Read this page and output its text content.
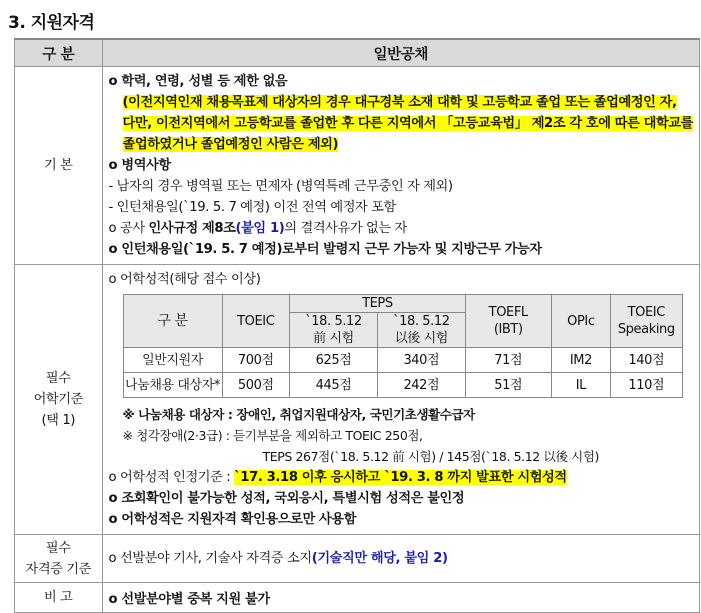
3. 지원자격
구 분	일반공채
기 본	
o 학력, 연령, 성별 등 제한 없음
(이전지역인재 채용목표제 대상자의 경우 대구경북 소재 대학 및 고등학교 졸업 또는 졸업예정인 자,
다만, 이전지역에서 고등학교를 졸업한 후 다른 지역에서 「고등교육법」 제2조 각 호에 따른 대학교를
졸업하였거나 졸업예정인 사람은 제외)
o 병역사항
- 남자의 경우 병역필 또는 면제자 (병역특례 근무중인 자 제외)
- 인턴채용일(`19. 5. 7 예정) 이전 전역 예정자 포함
o 공사 인사규정 제8조(붙임 1)의 결격사유가 없는 자
o 인턴채용일(`19. 5. 7 예정)로부터 발령지 근무 가능자 및 지방근무 가능자

필수
어학기준
(택 1)

o 어학성적(해당 점수 이상)
구 분	TOEIC	TEPS	TOEFL (IBT)	OPIc	TOEIC Speaking
`18. 5.12 前 시험	`18. 5.12 以後 시험
일반지원자	700점	625점	340점	71점	IM2	140점
나눔채용 대상자*	500점	445점	242점	51점	IL	110점
※ 나눔채용 대상자 : 장애인, 취업지원대상자, 국민기초생활수급자
※ 청각장애(2·3급) : 듣기부분을 제외하고 TOEIC 250점,
TEPS 267점(`18. 5.12 前 시험) / 145점(`18. 5.12 以後 시험)
o 어학성적 인정기준 : `17. 3.18 이후 응시하고 `19. 3. 8 까지 발표한 시험성적
o 조회확인이 불가능한 성적, 국외응시, 특별시험 성적은 불인정
o 어학성적은 지원자격 확인용으로만 사용함

필수
자격증 기준

o 선발분야 기사, 기술사 자격증 소지(기술직만 해당, 붙임 2)

비 고	o 선발분야별 중복 지원 불가
